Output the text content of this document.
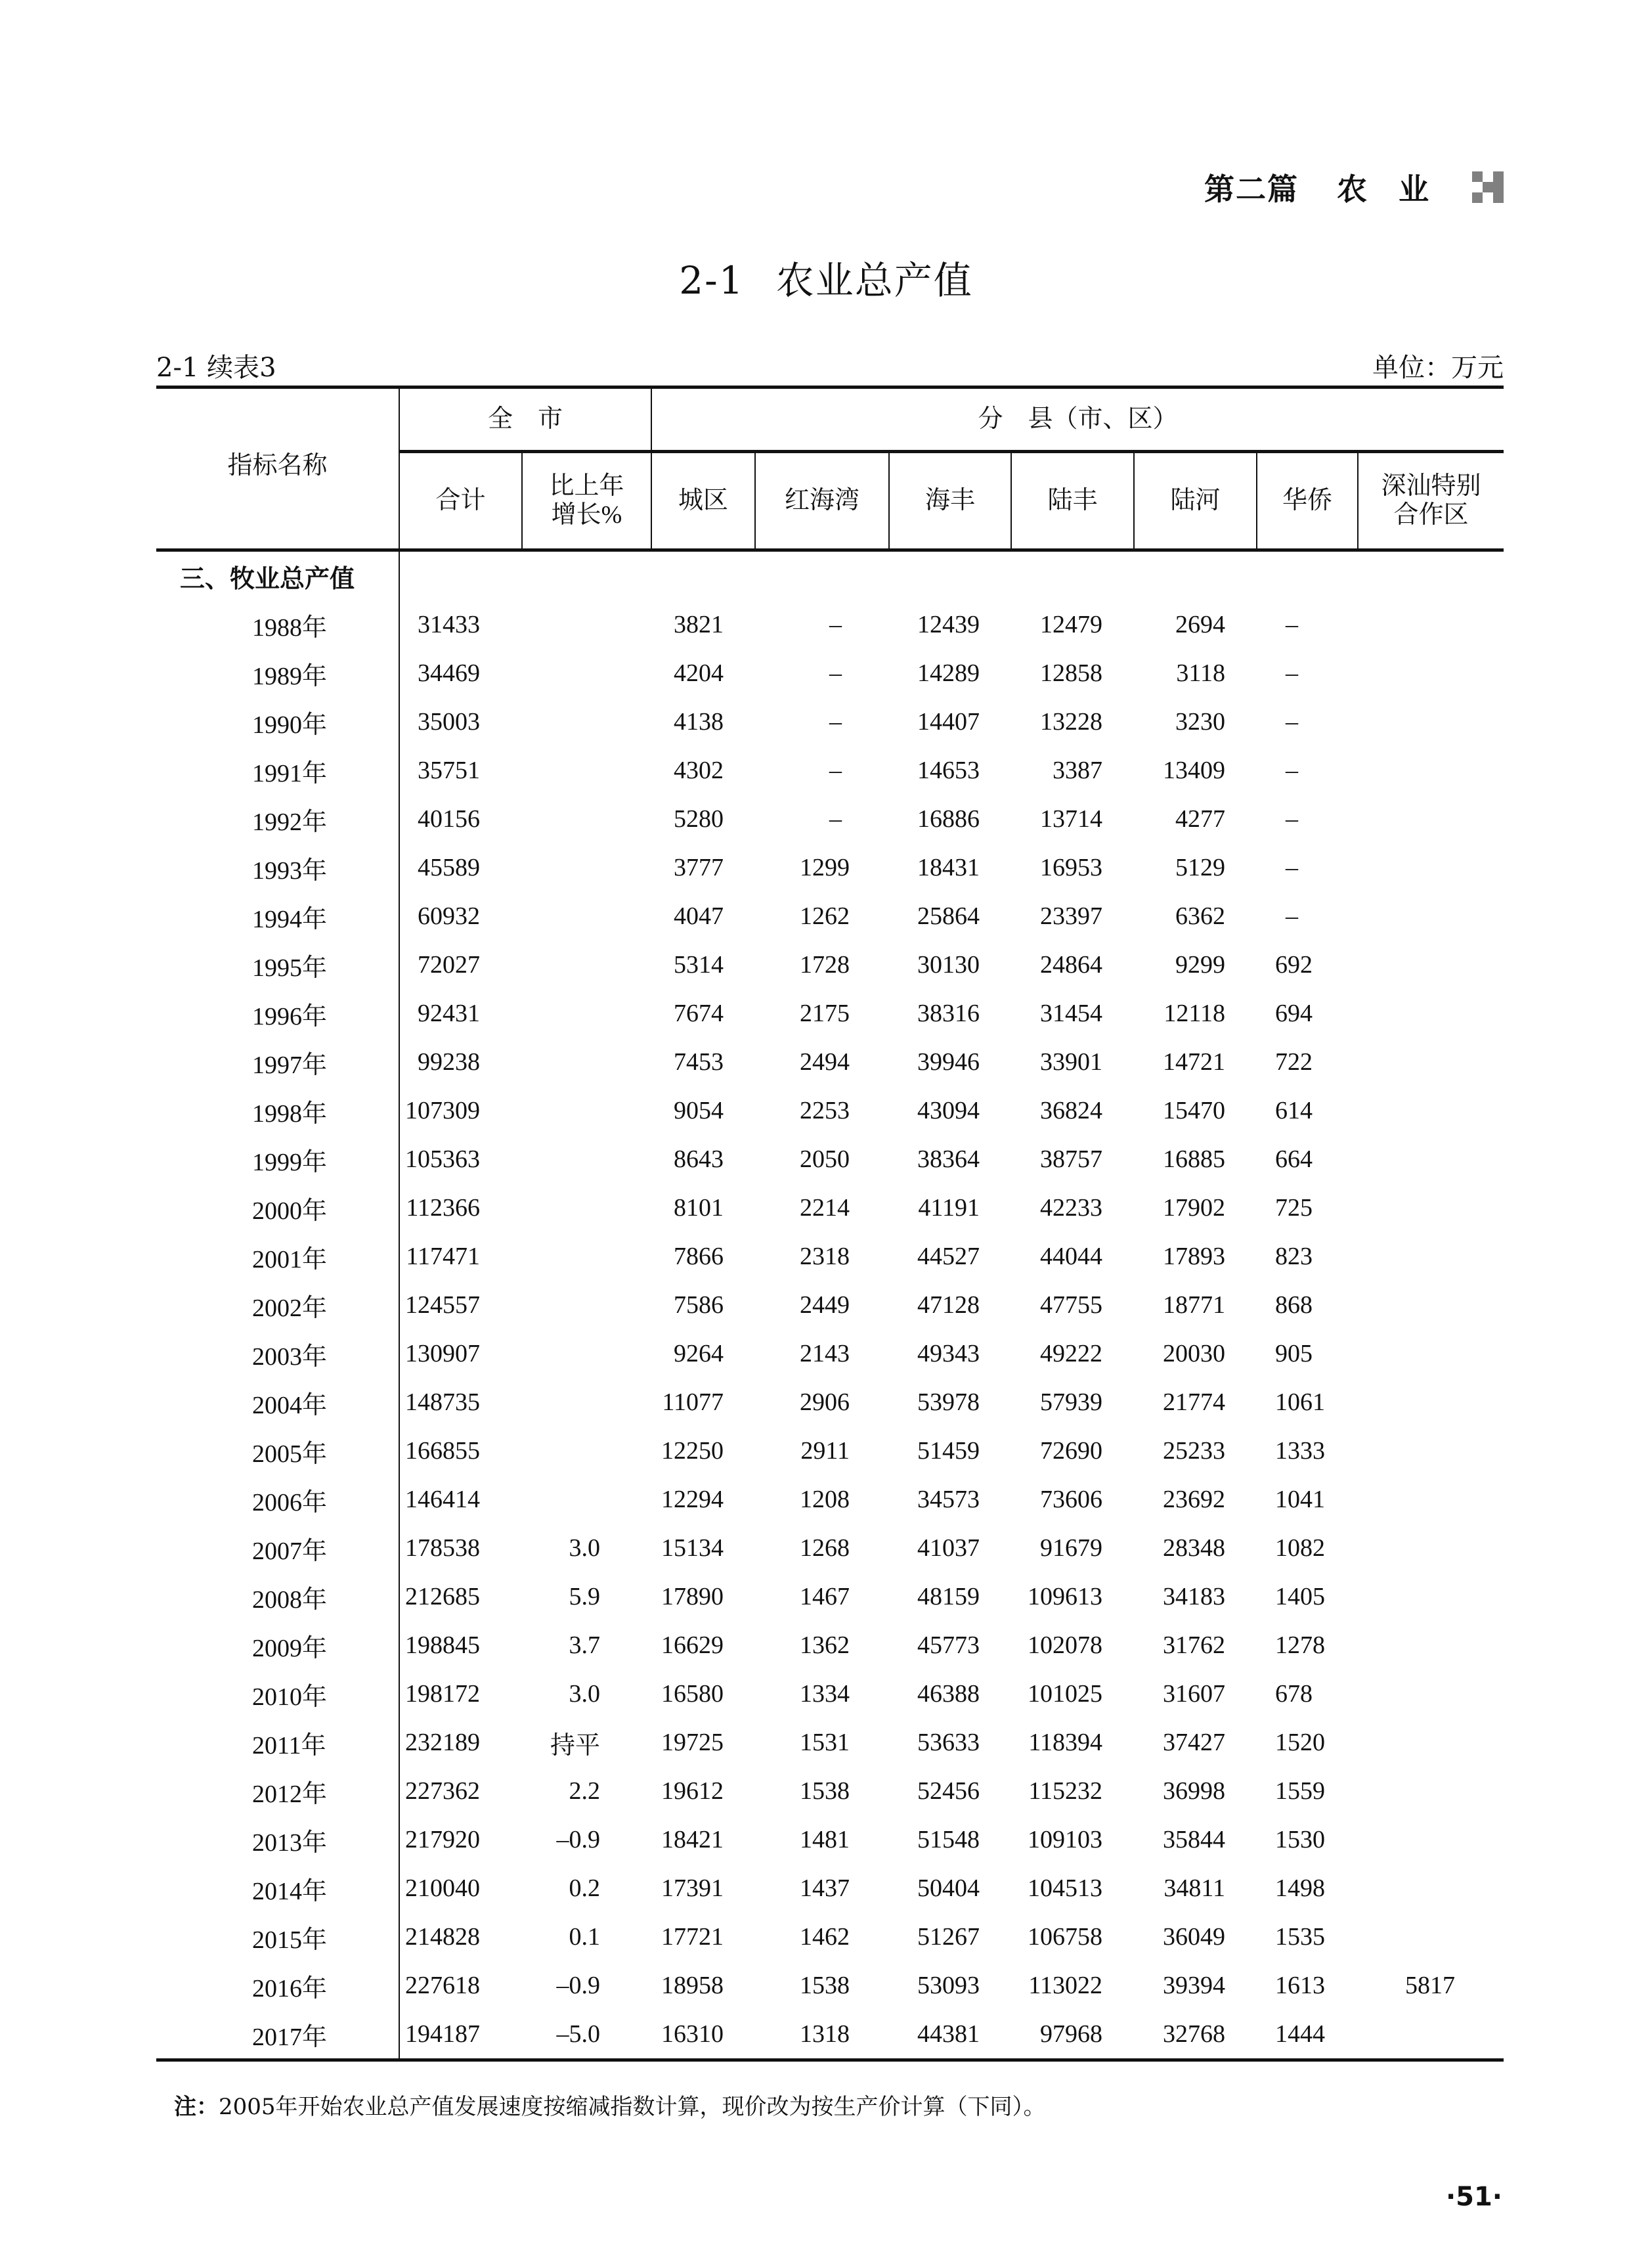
第二篇 农业
2-1 农业总产值
2-1 续表3	单位：万元
指标名称	全　市		分　县（市、区）						
	合计	比上年
增长%	城区	红海湾	海丰	陆丰	陆河	华侨	深汕特别
合作区
三、牧业总产值									
1988年	31433		3821	–	12439	12479	2694	–	
1989年	34469		4204	–	14289	12858	3118	–	
1990年	35003		4138	–	14407	13228	3230	–	
1991年	35751		4302	–	14653	3387	13409	–	
1992年	40156		5280	–	16886	13714	4277	–	
1993年	45589		3777	1299	18431	16953	5129	–	
1994年	60932		4047	1262	25864	23397	6362	–	
1995年	72027		5314	1728	30130	24864	9299	692	
1996年	92431		7674	2175	38316	31454	12118	694	
1997年	99238		7453	2494	39946	33901	14721	722	
1998年	107309		9054	2253	43094	36824	15470	614	
1999年	105363		8643	2050	38364	38757	16885	664	
2000年	112366		8101	2214	41191	42233	17902	725	
2001年	117471		7866	2318	44527	44044	17893	823	
2002年	124557		7586	2449	47128	47755	18771	868	
2003年	130907		9264	2143	49343	49222	20030	905	
2004年	148735		11077	2906	53978	57939	21774	1061	
2005年	166855		12250	2911	51459	72690	25233	1333	
2006年	146414		12294	1208	34573	73606	23692	1041	
2007年	178538	3.0	15134	1268	41037	91679	28348	1082	
2008年	212685	5.9	17890	1467	48159	109613	34183	1405	
2009年	198845	3.7	16629	1362	45773	102078	31762	1278	
2010年	198172	3.0	16580	1334	46388	101025	31607	678	
2011年	232189	持平	19725	1531	53633	118394	37427	1520	
2012年	227362	2.2	19612	1538	52456	115232	36998	1559	
2013年	217920	–0.9	18421	1481	51548	109103	35844	1530	
2014年	210040	0.2	17391	1437	50404	104513	34811	1498	
2015年	214828	0.1	17721	1462	51267	106758	36049	1535	
2016年	227618	–0.9	18958	1538	53093	113022	39394	1613	5817
2017年	194187	–5.0	16310	1318	44381	97968	32768	1444	
注：2005年开始农业总产值发展速度按缩减指数计算，现价改为按生产价计算（下同）。
·51·
